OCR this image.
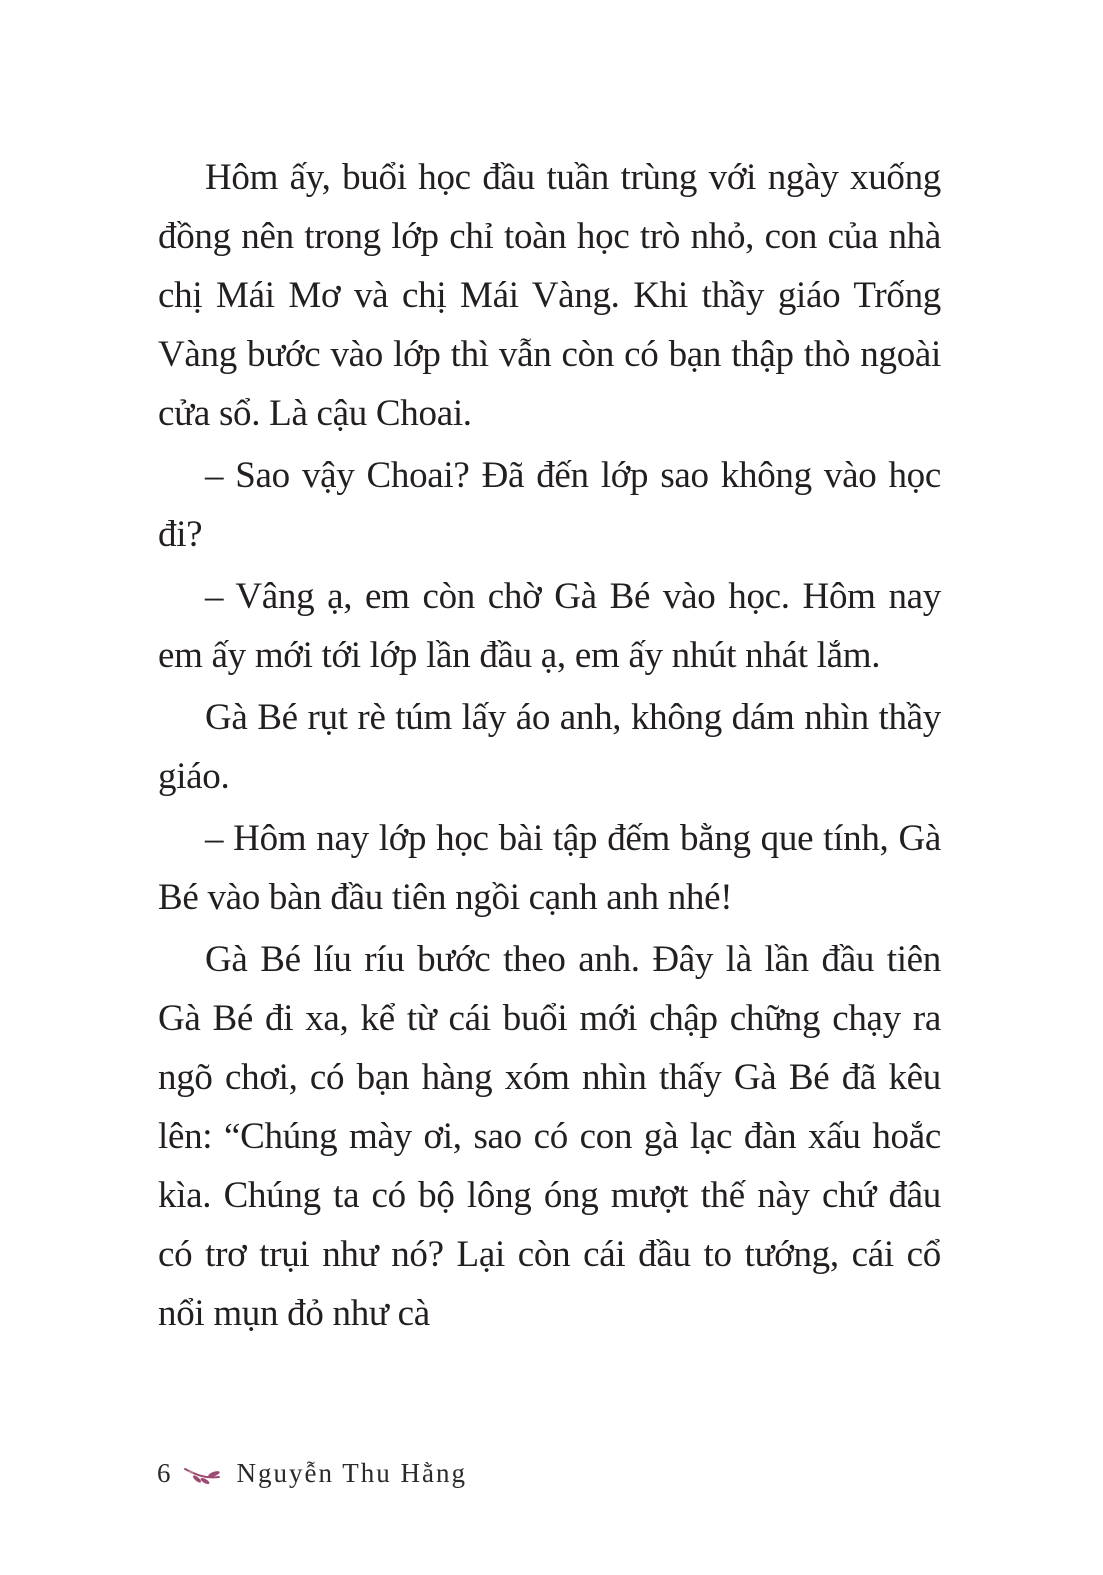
Hôm ấy, buổi học đầu tuần trùng với ngày xuống đồng nên trong lớp chỉ toàn học trò nhỏ, con của nhà chị Mái Mơ và chị Mái Vàng. Khi thầy giáo Trống Vàng bước vào lớp thì vẫn còn có bạn thập thò ngoài cửa sổ. Là cậu Choai.

– Sao vậy Choai? Đã đến lớp sao không vào học đi?

– Vâng ạ, em còn chờ Gà Bé vào học. Hôm nay em ấy mới tới lớp lần đầu ạ, em ấy nhút nhát lắm.

Gà Bé rụt rè túm lấy áo anh, không dám nhìn thầy giáo.

– Hôm nay lớp học bài tập đếm bằng que tính, Gà Bé vào bàn đầu tiên ngồi cạnh anh nhé!

Gà Bé líu ríu bước theo anh. Đây là lần đầu tiên Gà Bé đi xa, kể từ cái buổi mới chập chững chạy ra ngõ chơi, có bạn hàng xóm nhìn thấy Gà Bé đã kêu lên: “Chúng mày ơi, sao có con gà lạc đàn xấu hoắc kìa. Chúng ta có bộ lông óng mượt thế này chứ đâu có trơ trụi như nó? Lại còn cái đầu to tướng, cái cổ nổi mụn đỏ như cà

6 Nguyễn Thu Hằng
